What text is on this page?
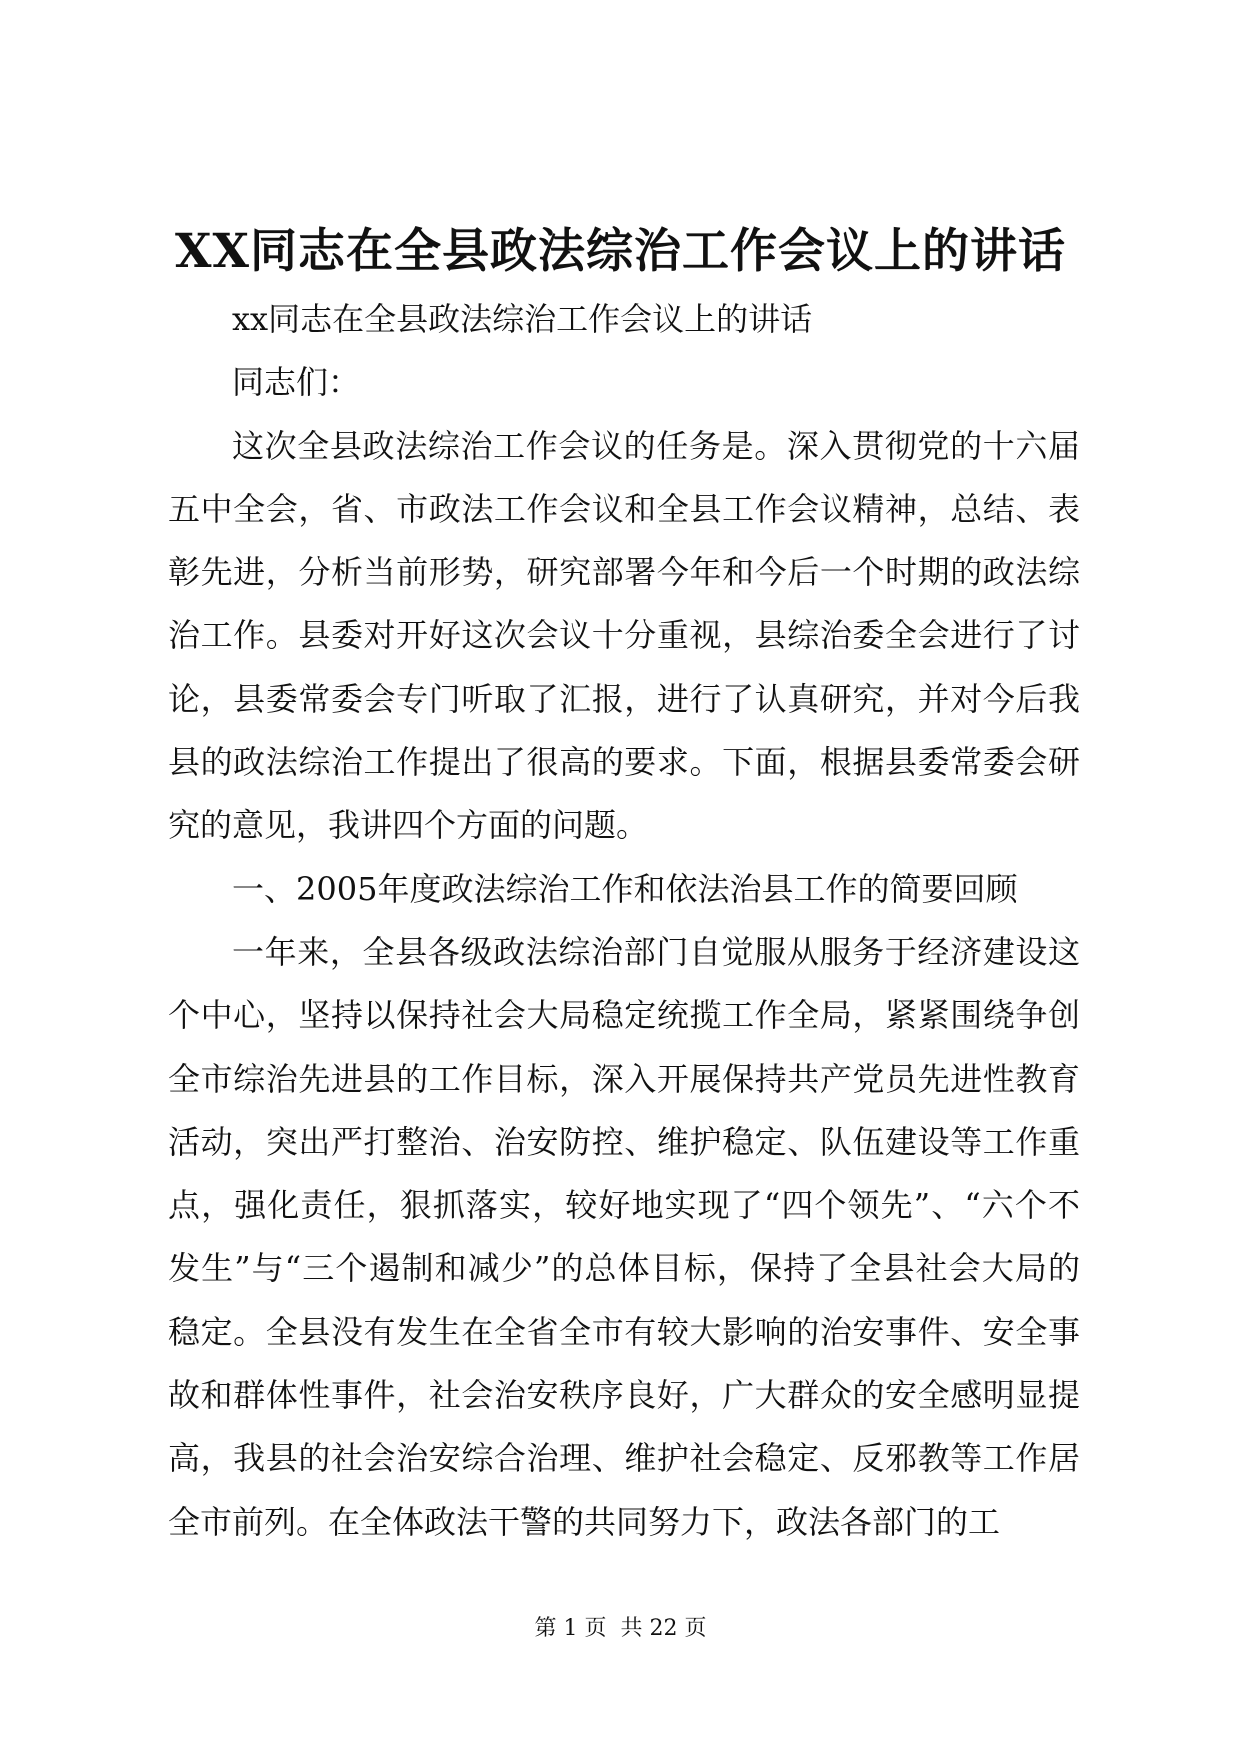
XX同志在全县政法综治工作会议上的讲话

xx同志在全县政法综治工作会议上的讲话

同志们：

这次全县政法综治工作会议的任务是。深入贯彻党的十六届五中全会，省、市政法工作会议和全县工作会议精神，总结、表彰先进，分析当前形势，研究部署今年和今后一个时期的政法综治工作。县委对开好这次会议十分重视，县综治委全会进行了讨论，县委常委会专门听取了汇报，进行了认真研究，并对今后我县的政法综治工作提出了很高的要求。下面，根据县委常委会研究的意见，我讲四个方面的问题。

一、2005年度政法综治工作和依法治县工作的简要回顾

一年来，全县各级政法综治部门自觉服从服务于经济建设这个中心，坚持以保持社会大局稳定统揽工作全局，紧紧围绕争创全市综治先进县的工作目标，深入开展保持共产党员先进性教育活动，突出严打整治、治安防控、维护稳定、队伍建设等工作重点，强化责任，狠抓落实，较好地实现了“四个领先”、“六个不发生”与“三个遏制和减少”的总体目标，保持了全县社会大局的稳定。全县没有发生在全省全市有较大影响的治安事件、安全事故和群体性事件，社会治安秩序良好，广大群众的安全感明显提高，我县的社会治安综合治理、维护社会稳定、反邪教等工作居全市前列。在全体政法干警的共同努力下，政法各部门的工

第 1 页  共 22 页
